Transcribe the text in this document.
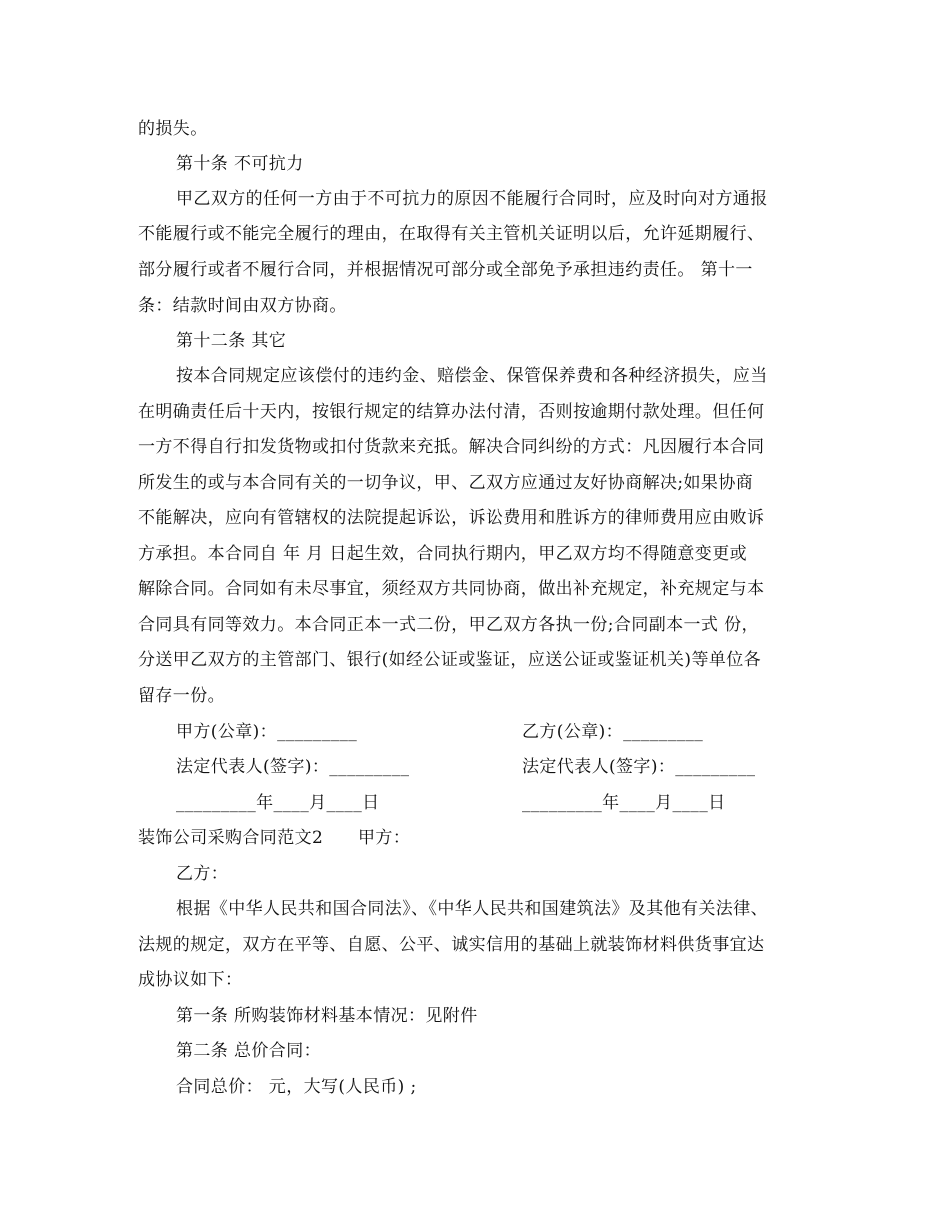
的损失。
第十条 不可抗力
甲乙双方的任何一方由于不可抗力的原因不能履行合同时，应及时向对方通报
不能履行或不能完全履行的理由，在取得有关主管机关证明以后，允许延期履行、
部分履行或者不履行合同，并根据情况可部分或全部免予承担违约责任。 第十一
条：结款时间由双方协商。
第十二条 其它
按本合同规定应该偿付的违约金、赔偿金、保管保养费和各种经济损失，应当
在明确责任后十天内，按银行规定的结算办法付清，否则按逾期付款处理。但任何
一方不得自行扣发货物或扣付货款来充抵。解决合同纠纷的方式：凡因履行本合同
所发生的或与本合同有关的一切争议，甲、乙双方应通过友好协商解决;如果协商
不能解决，应向有管辖权的法院提起诉讼，诉讼费用和胜诉方的律师费用应由败诉
方承担。本合同自 年 月 日起生效，合同执行期内，甲乙双方均不得随意变更或
解除合同。合同如有未尽事宜，须经双方共同协商，做出补充规定，补充规定与本
合同具有同等效力。本合同正本一式二份，甲乙双方各执一份;合同副本一式 份，
分送甲乙双方的主管部门、银行(如经公证或鉴证，应送公证或鉴证机关)等单位各
留存一份。
甲方(公章)：_________	乙方(公章)：_________
法定代表人(签字)：_________	法定代表人(签字)：_________
_________年____月____日	_________年____月____日
装饰公司采购合同范文2　　甲方：
乙方：
根据《中华人民共和国合同法》、《中华人民共和国建筑法》及其他有关法律、
法规的规定，双方在平等、自愿、公平、诚实信用的基础上就装饰材料供货事宜达
成协议如下：
第一条 所购装饰材料基本情况：见附件
第二条 总价合同：
合同总价： 元，大写(人民币) ;
